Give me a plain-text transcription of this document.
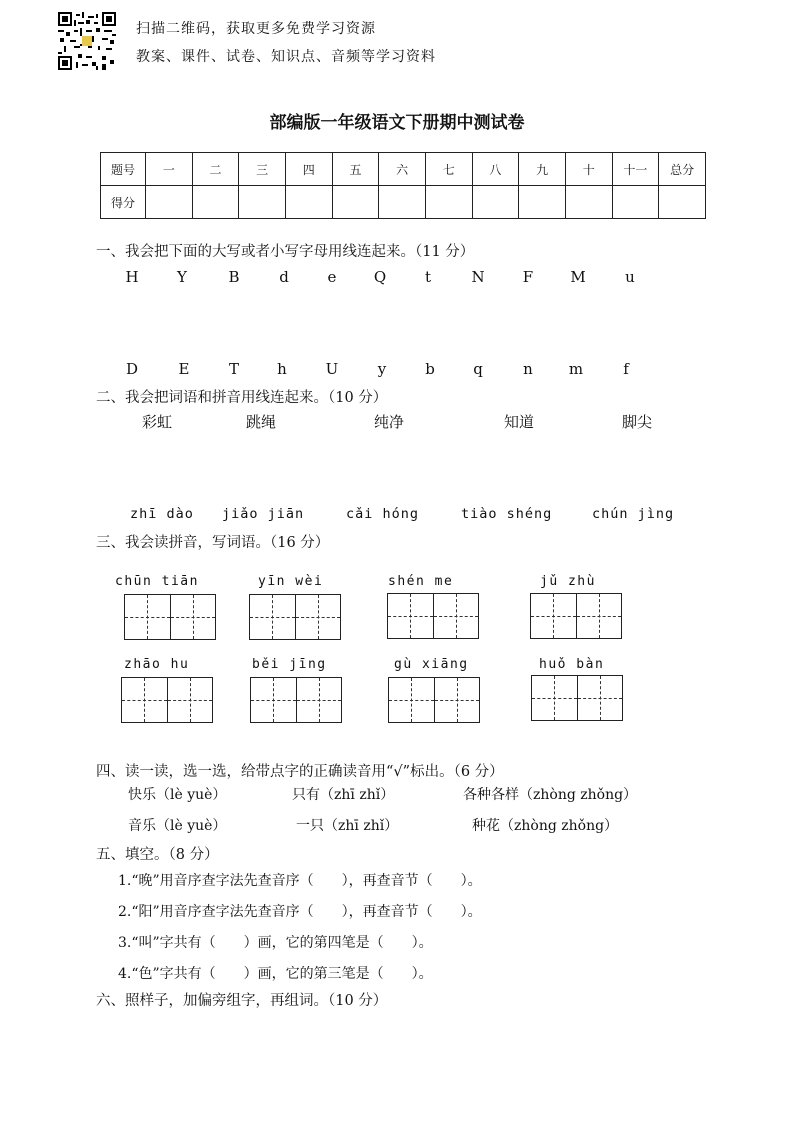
扫描二维码，获取更多免费学习资源
教案、课件、试卷、知识点、音频等学习资料
部编版一年级语文下册期中测试卷
题号	一	二	三	四	五	六	七	八	九	十	十一	总分
得分												
一、我会把下面的大写或者小写字母用线连起来。（11 分）
H	Y	B	d	e	Q	t	N	F	M	u
D	E	T	h	U	y	b	q	n	m	f
二、我会把词语和拼音用线连起来。（10 分）
彩虹	跳绳	纯净	知道	脚尖
zhī dào jiǎo jiān	cǎi hóng	tiào shéng	chún jìng
三、我会读拼音，写词语。（16 分）
chūn tiān	yīn wèi	shén me	jǔ zhù
zhāo hu	běi jīng	gù xiāng	huǒ bàn
四、读一读，选一选，给带点字的正确读音用“√”标出。（6 分）
快乐（lè yuè）	只有（zhī zhǐ）	各种各样（zhòng zhǒng）
音乐（lè yuè）	一只（zhī zhǐ）	种花（zhòng zhǒng）
五、填空。（8 分）
1.“晚”用音序查字法先查音序（　　），再查音节（　　）。
2.“阳”用音序查字法先查音序（　　），再查音节（　　）。
3.“叫”字共有（　　）画，它的第四笔是（　　）。
4.“色”字共有（　　）画，它的第三笔是（　　）。
六、照样子，加偏旁组字，再组词。（10 分）
